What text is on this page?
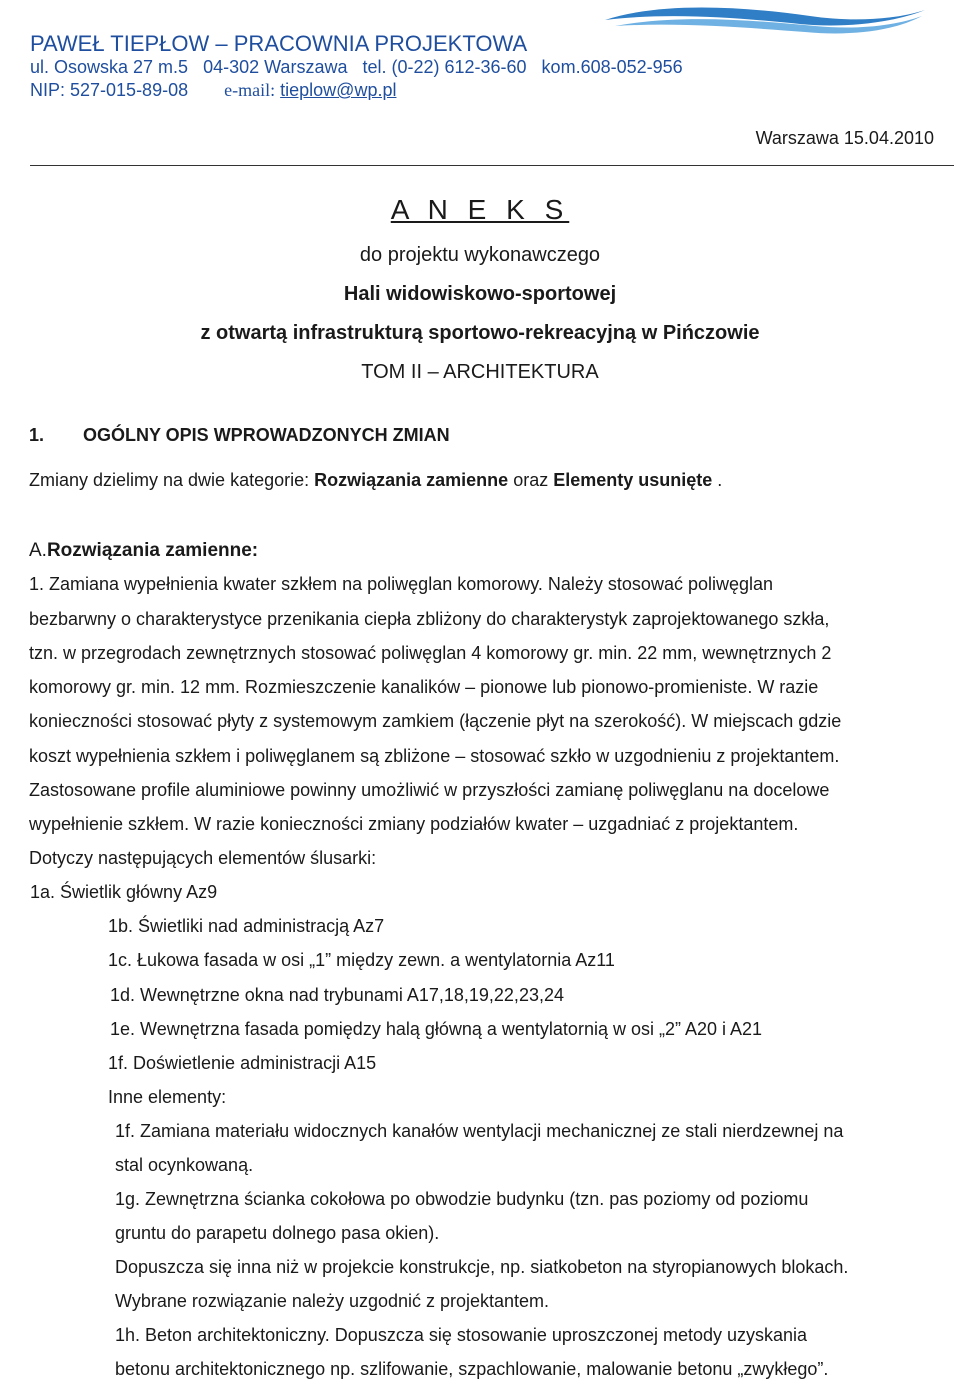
PAWEŁ TIEPŁOW – PRACOWNIA PROJEKTOWA
ul. Osowska 27 m.5   04-302 Warszawa   tel. (0-22) 612-36-60   kom.608-052-956
NIP: 527-015-89-08 e-mail: tieplow@wp.pl
Warszawa 15.04.2010
A N E K S
do projektu wykonawczego
Hali widowiskowo-sportowej
z otwartą infrastrukturą sportowo-rekreacyjną w Pińczowie
TOM II – ARCHITEKTURA
1. OGÓLNY OPIS WPROWADZONYCH ZMIAN
Zmiany dzielimy na dwie kategorie: Rozwiązania zamienne oraz Elementy usunięte .
A.Rozwiązania zamienne:
1. Zamiana wypełnienia kwater szkłem na poliwęglan komorowy. Należy stosować poliwęglan
bezbarwny o charakterystyce przenikania ciepła zbliżony do charakterystyk zaprojektowanego szkła,
tzn. w przegrodach zewnętrznych stosować poliwęglan 4 komorowy gr. min. 22 mm, wewnętrznych 2
komorowy gr. min. 12 mm. Rozmieszczenie kanalików – pionowe lub pionowo-promieniste. W razie
konieczności stosować płyty z systemowym zamkiem (łączenie płyt na szerokość). W miejscach gdzie
koszt wypełnienia szkłem i poliwęglanem są zbliżone – stosować szkło w uzgodnieniu z projektantem.
Zastosowane profile aluminiowe powinny umożliwić w przyszłości zamianę poliwęglanu na docelowe
wypełnienie szkłem. W razie konieczności zmiany podziałów kwater – uzgadniać z projektantem.
Dotyczy następujących elementów ślusarki:
1a. Świetlik główny Az9
1b. Świetliki nad administracją Az7
1c. Łukowa fasada w osi „1” między zewn. a wentylatornia Az11
1d. Wewnętrzne okna nad trybunami A17,18,19,22,23,24
1e. Wewnętrzna fasada pomiędzy halą główną a wentylatornią w osi „2” A20 i A21
1f. Doświetlenie administracji A15
Inne elementy:
1f. Zamiana materiału widocznych kanałów wentylacji mechanicznej ze stali nierdzewnej na
stal ocynkowaną.
1g. Zewnętrzna ścianka cokołowa po obwodzie budynku (tzn. pas poziomy od poziomu
gruntu do parapetu dolnego pasa okien).
Dopuszcza się inna niż w projekcie konstrukcje, np. siatkobeton na styropianowych blokach.
Wybrane rozwiązanie należy uzgodnić z projektantem.
1h. Beton architektoniczny. Dopuszcza się stosowanie uproszczonej metody uzyskania
betonu architektonicznego np. szlifowanie, szpachlowanie, malowanie betonu „zwykłego”.
